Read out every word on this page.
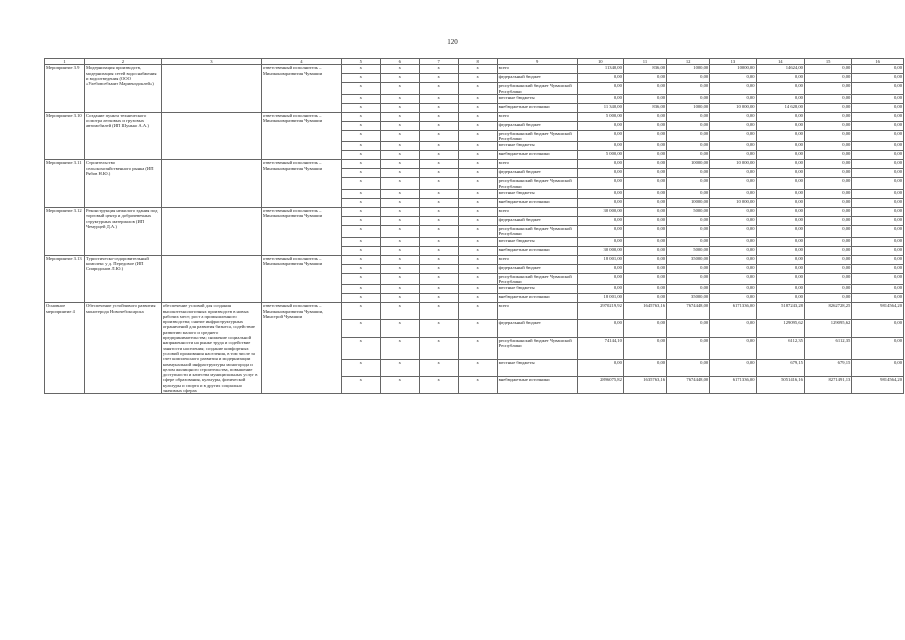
120
1	2	3	4	5	6	7	8	9	10	11	12	13	14	15	16
Мероприятие 3.9	Модернизация производств, модернизация сетей водоснабжения и водоотведения (ООО «Улебовсебьмит Мариенэдоклей»)		ответственный исполнитель – Минэкономразвития Чувашии	x	x	x	x	всего	11340,00	836,00	1000,00	10000,00	14624,00	0,00	0,00
				x	x	x	x	федеральный бюджет	0,00	0,00	0,00	0,00	0,00	0,00	0,00
				x	x	x	x	республиканский бюджет Чувашской Республики	0,00	0,00	0,00	0,00	0,00	0,00	0,00
				x	x	x	x	местные бюджеты	0,00	0,00	0,00	0,00	0,00	0,00	0,00
				x	x	x	x	внебюджетные источники	11 340,00	836,00	1000,00	10 000,00	14 628,00	0,00	0,00
Мероприятие 3.10	Создание пункта технического осмотра легковых и грузовых автомобилей (ИП Шунько А.А.)		ответственный исполнитель – Минэкономразвития Чувашии	x	x	x	x	всего	5 000,00	0,00	0,00	0,00	0,00	0,00	0,00
				x	x	x	x	федеральный бюджет	0,00	0,00	0,00	0,00	0,00	0,00	0,00
				x	x	x	x	республиканский бюджет Чувашской Республики	0,00	0,00	0,00	0,00	0,00	0,00	0,00
				x	x	x	x	местные бюджеты	0,00	0,00	0,00	0,00	0,00	0,00	0,00
				x	x	x	x	внебюджетные источники	5 000,00	0,00	0,00	0,00	0,00	0,00	0,00
Мероприятие 3.11	Строительство сельскохозяйственного рынка (ИП Рябов Н.Ю.)		ответственный исполнитель – Минэкономразвития Чувашии	x	x	x	x	всего	0,00	0,00	10000,00	10 000,00	0,00	0,00	0,00
				x	x	x	x	федеральный бюджет	0,00	0,00	0,00	0,00	0,00	0,00	0,00
				x	x	x	x	республиканский бюджет Чувашской Республики	0,00	0,00	0,00	0,00	0,00	0,00	0,00
				x	x	x	x	местные бюджеты	0,00	0,00	0,00	0,00	0,00	0,00	0,00
				x	x	x	x	внебюджетные источники	0,00	0,00	10000,00	10 000,00	0,00	0,00	0,00
Мероприятие 3.12	Реконструкция нежилого здания под торговый центр и добрачевечных структурных материалов (ИП Чемурцей Д.А.)		ответственный исполнитель – Минэкономразвития Чувашии	x	x	x	x	всего	30 000,00	0,00	5000,00	0,00	0,00	0,00	0,00
				x	x	x	x	федеральный бюджет	0,00	0,00	0,00	0,00	0,00	0,00	0,00
				x	x	x	x	республиканский бюджет Чувашской Республики	0,00	0,00	0,00	0,00	0,00	0,00	0,00
				x	x	x	x	местные бюджеты	0,00	0,00	0,00	0,00	0,00	0,00	0,00
				x	x	x	x	внебюджетные источники	30 000,00	0,00	5000,00	0,00	0,00	0,00	0,00
Мероприятие 3.13	Туристическо-оздоровительный комплекс у д. Передовое (ИП Спиридонов Л.Ю.)		ответственный исполнитель – Минэкономразвития Чувашии	x	x	x	x	всего	18 001,00	0,00	35000,00	0,00	0,00	0,00	0,00
				x	x	x	x	федеральный бюджет	0,00	0,00	0,00	0,00	0,00	0,00	0,00
				x	x	x	x	республиканский бюджет Чувашской Республики	0,00	0,00	0,00	0,00	0,00	0,00	0,00
				x	x	x	x	местные бюджеты	0,00	0,00	0,00	0,00	0,00	0,00	0,00
				x	x	x	x	внебюджетные источники	18 001,00	0,00	35000,00	0,00	0,00	0,00	0,00
Основное мероприятие 4	Обеспечение устойчивого развития монотерода Новочебоксарска	обеспечение условий для создания высокотехнологичных производств в новых рабочих мест; рост а промышленного производства; снятие инфраструктурных ограничений для развития бизнеса, содействие развитию малого и среднего предпринимательства; снижение социальной напряженности на рынке труда и содействие занятости населения; создание комфортных условий проживания населения, в том числе за счет комплексного развития и модернизации коммунальной инфраструктуры моногорода и целом жилищного строительства, повышение доступности и качества муниципальных услуг в сфере образования, культуры, физической культуры и спорта и в других социально значимых сферах	ответственный исполнитель – Минэкономразвития Чувашии, Минстрой Чувашии	x	x	x	x	всего	2970219,92	1645763,16	7674448,00	6171336,00	5187243,28	8262728,25	9814564,20
				x	x	x	x	федеральный бюджет	0,00	0,00	0,00	0,00	129095,62	129095,62	0,00
				x	x	x	x	республиканский бюджет Чувашской Республики	74144,10	0,00	0,00	0,00	6112,35	6112,35	0,00
				x	x	x	x	местные бюджеты	0,00	0,00	0,00	0,00	679,15	679,15	0,00
				x	x	x	x	внебюджетные источники	2896075,82	1635763,16	7674448,00	6171336,00	5051416,16	8271491,13	9814564,20
